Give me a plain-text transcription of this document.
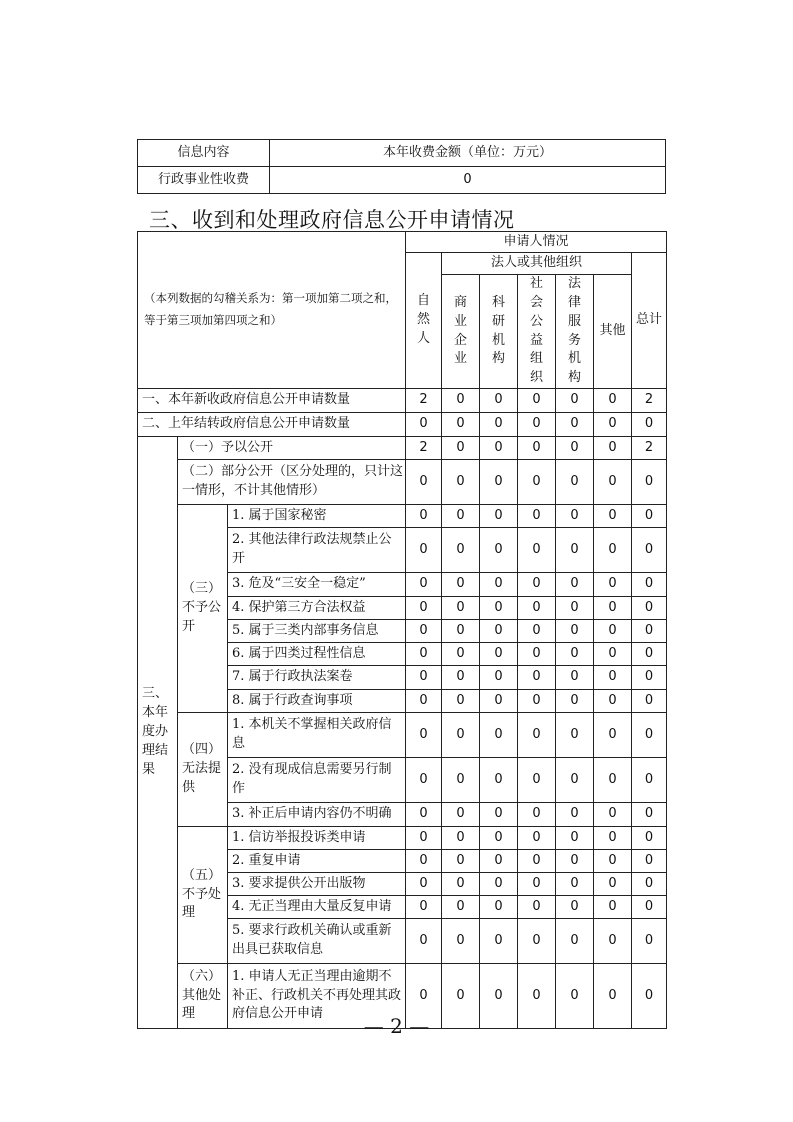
信息内容	本年收费金额（单位：万元）
行政事业性收费	0
三、收到和处理政府信息公开申请情况
（本列数据的勾稽关系为：第一项加第二项之和，等于第三项加第四项之和）			申请人情况						
			自然人	法人或其他组织					总计
				商业企业	科研机构	社会公益组织	法律服务机构	其他	
一、本年新收政府信息公开申请数量			2	0	0	0	0	0	2
二、上年结转政府信息公开申请数量			0	0	0	0	0	0	0
三、本年度办理结果	（一）予以公开		2	0	0	0	0	0	2
	（二）部分公开（区分处理的，只计这一情形，不计其他情形）		0	0	0	0	0	0	0
	（三）不予公开	1. 属于国家秘密	0	0	0	0	0	0	0
		2. 其他法律行政法规禁止公开	0	0	0	0	0	0	0
		3. 危及“三安全一稳定”	0	0	0	0	0	0	0
		4. 保护第三方合法权益	0	0	0	0	0	0	0
		5. 属于三类内部事务信息	0	0	0	0	0	0	0
		6. 属于四类过程性信息	0	0	0	0	0	0	0
		7. 属于行政执法案卷	0	0	0	0	0	0	0
		8. 属于行政查询事项	0	0	0	0	0	0	0
	（四）无法提供	1. 本机关不掌握相关政府信息	0	0	0	0	0	0	0
		2. 没有现成信息需要另行制作	0	0	0	0	0	0	0
		3. 补正后申请内容仍不明确	0	0	0	0	0	0	0
	（五）不予处理	1. 信访举报投诉类申请	0	0	0	0	0	0	0
		2. 重复申请	0	0	0	0	0	0	0
		3. 要求提供公开出版物	0	0	0	0	0	0	0
		4. 无正当理由大量反复申请	0	0	0	0	0	0	0
		5. 要求行政机关确认或重新出具已获取信息	0	0	0	0	0	0	0
	（六）其他处理	1. 申请人无正当理由逾期不补正、行政机关不再处理其政府信息公开申请	0	0	0	0	0	0	0
— 2 —
